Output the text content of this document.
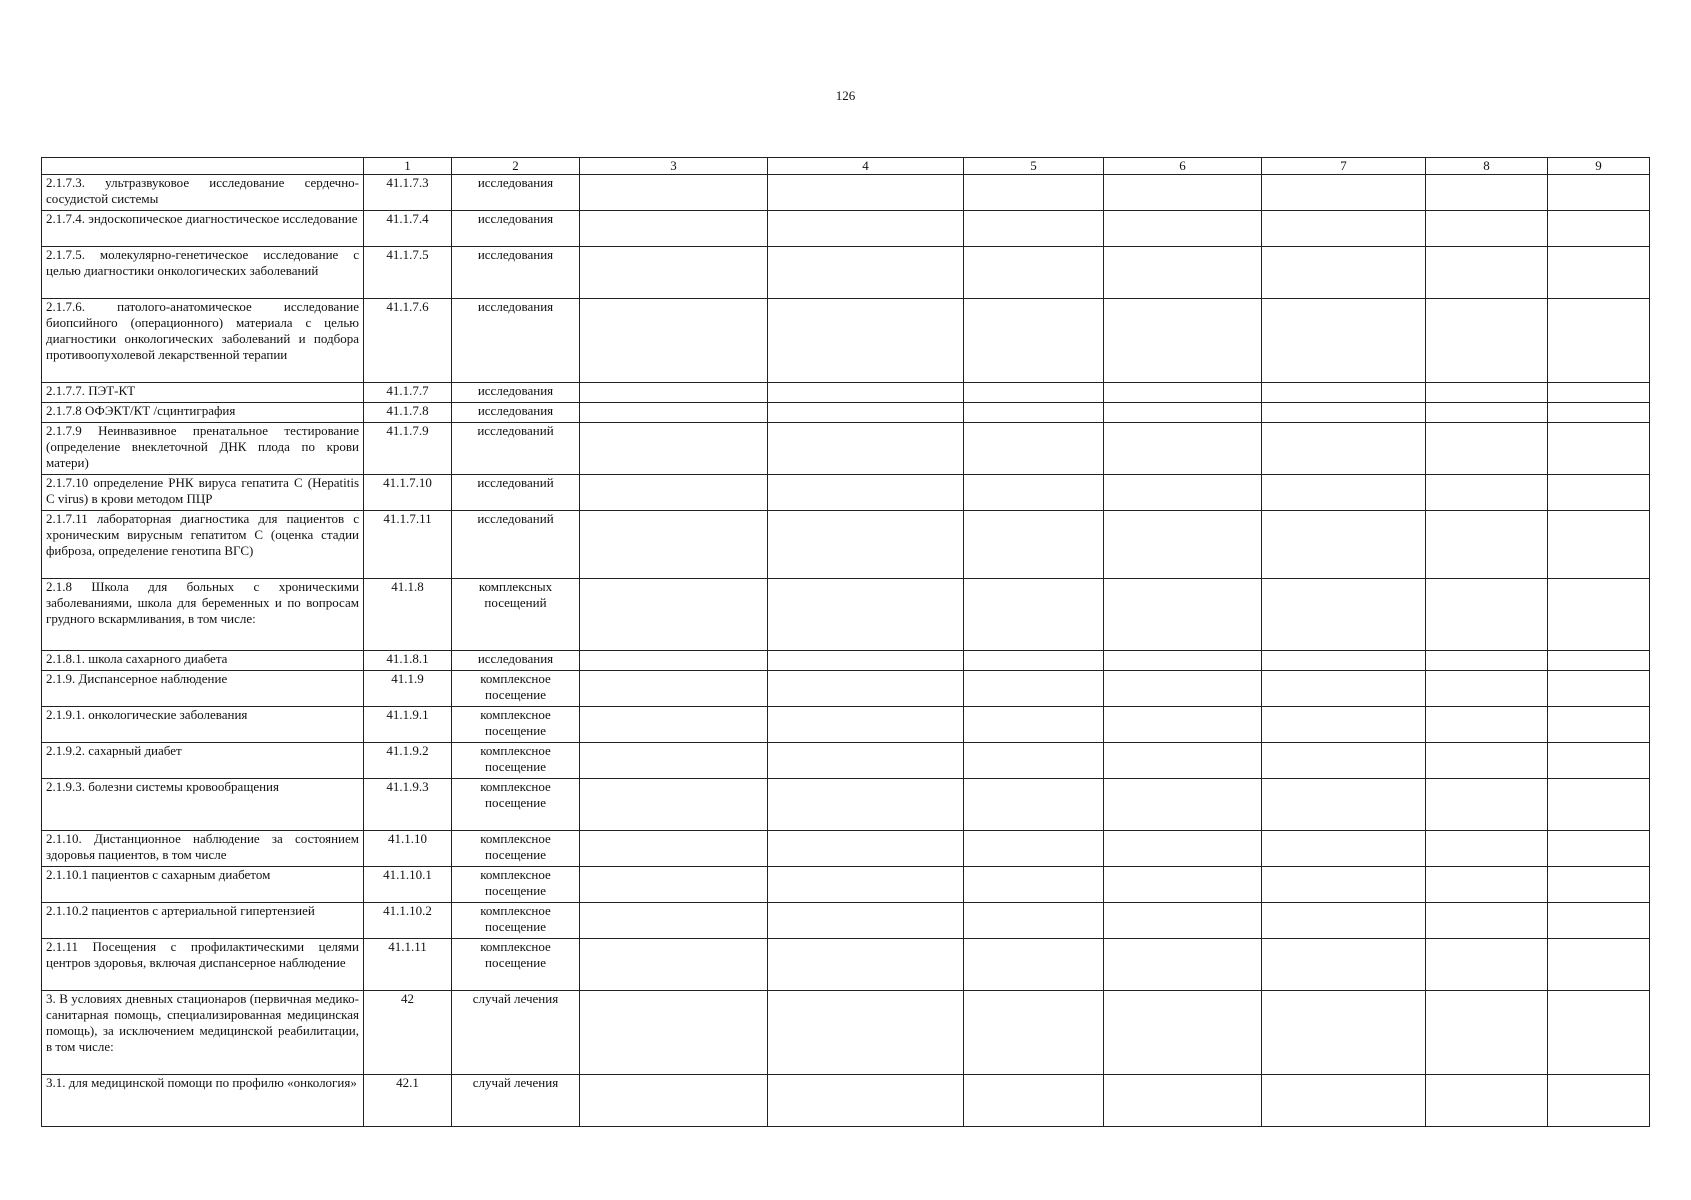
126
	1	2	3	4	5	6	7	8	9
2.1.7.3. ультразвуковое исследование сердечно-сосудистой системы	41.1.7.3	исследования							
2.1.7.4. эндоскопическое диагностическое исследование	41.1.7.4	исследования							
2.1.7.5. молекулярно-генетическое исследование с целью диагностики онкологических заболеваний	41.1.7.5	исследования							
2.1.7.6. патолого-анатомическое исследование биопсийного (операционного) материала с целью диагностики онкологических заболеваний и подбора противоопухолевой лекарственной терапии	41.1.7.6	исследования							
2.1.7.7. ПЭТ-КТ	41.1.7.7	исследования							
2.1.7.8 ОФЭКТ/КТ /сцинтиграфия	41.1.7.8	исследования							
2.1.7.9 Неинвазивное пренатальное тестирование (определение внеклеточной ДНК плода по крови матери)	41.1.7.9	исследований							
2.1.7.10 определение РНК вируса гепатита С (Hepatitis C virus) в крови методом ПЦР	41.1.7.10	исследований							
2.1.7.11 лабораторная диагностика для пациентов с хроническим вирусным гепатитом С (оценка стадии фиброза, определение генотипа ВГС)	41.1.7.11	исследований							
2.1.8 Школа для больных с хроническими заболеваниями, школа для беременных и по вопросам грудного вскармливания, в том числе:	41.1.8	комплексных посещений							
2.1.8.1. школа сахарного диабета	41.1.8.1	исследования							
2.1.9. Диспансерное наблюдение	41.1.9	комплексное посещение							
2.1.9.1. онкологические заболевания	41.1.9.1	комплексное посещение							
2.1.9.2. сахарный диабет	41.1.9.2	комплексное посещение							
2.1.9.3. болезни системы кровообращения	41.1.9.3	комплексное посещение							
2.1.10. Дистанционное наблюдение за состоянием здоровья пациентов, в том числе	41.1.10	комплексное посещение							
2.1.10.1 пациентов с сахарным диабетом	41.1.10.1	комплексное посещение							
2.1.10.2 пациентов с артериальной гипертензией	41.1.10.2	комплексное посещение							
2.1.11 Посещения с профилактическими целями центров здоровья, включая диспансерное наблюдение	41.1.11	комплексное посещение							
3. В условиях дневных стационаров (первичная медико-санитарная помощь, специализированная медицинская помощь), за исключением медицинской реабилитации, в том числе:	42	случай лечения							
3.1. для медицинской помощи по профилю «онкология»	42.1	случай лечения							
